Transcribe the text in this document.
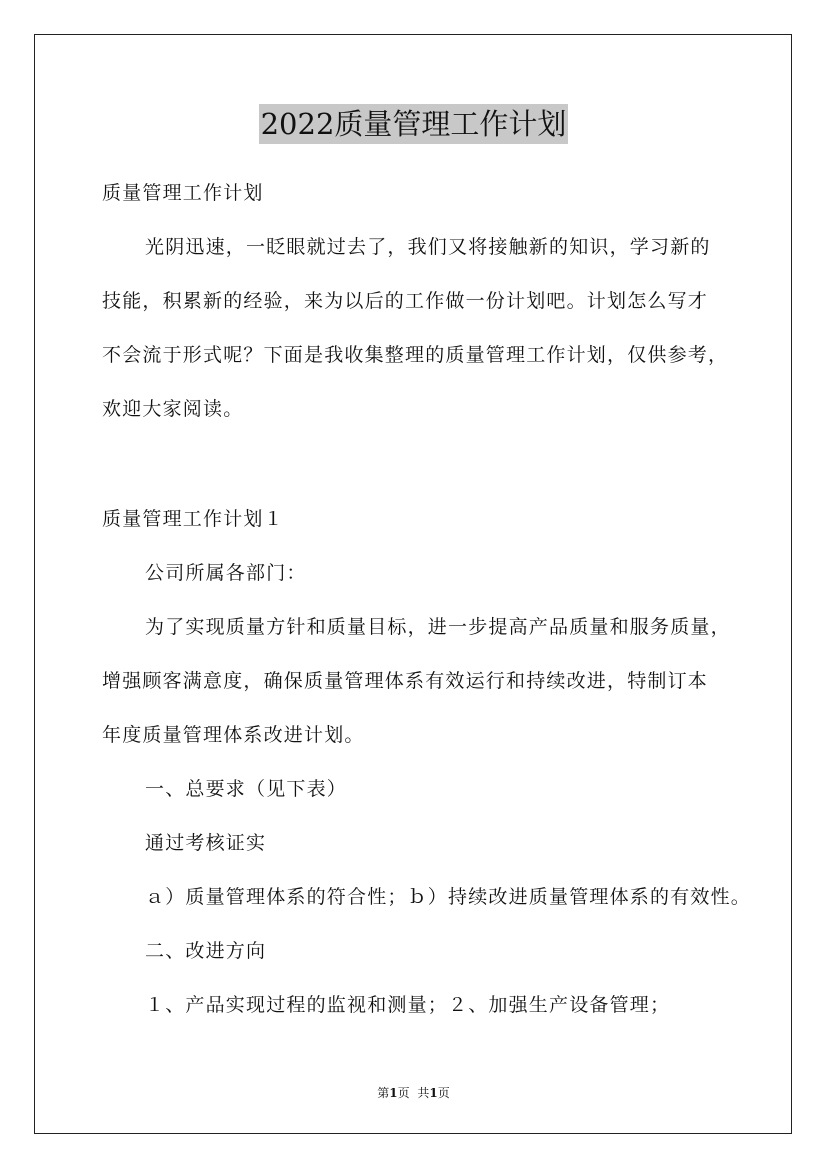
2022质量管理工作计划
质量管理工作计划
光阴迅速，一眨眼就过去了，我们又将接触新的知识，学习新的
技能，积累新的经验，来为以后的工作做一份计划吧。计划怎么写才
不会流于形式呢？下面是我收集整理的质量管理工作计划，仅供参考，
欢迎大家阅读。
质量管理工作计划１
公司所属各部门：
为了实现质量方针和质量目标，进一步提高产品质量和服务质量，
增强顾客满意度，确保质量管理体系有效运行和持续改进，特制订本
年度质量管理体系改进计划。
一、总要求（见下表）
通过考核证实
ａ）质量管理体系的符合性；ｂ）持续改进质量管理体系的有效性。
二、改进方向
１、产品实现过程的监视和测量；２、加强生产设备管理；
第1页 共1页
